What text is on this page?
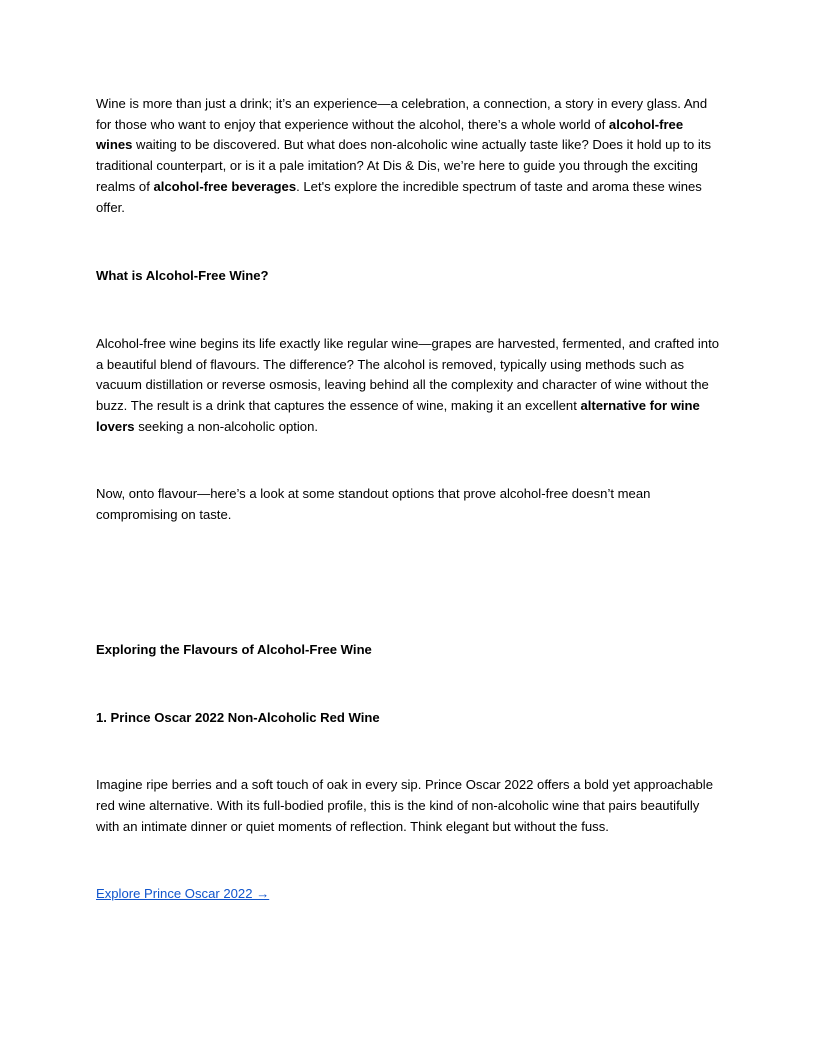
Wine is more than just a drink; it’s an experience—a celebration, a connection, a story in every glass. And for those who want to enjoy that experience without the alcohol, there’s a whole world of alcohol-free wines waiting to be discovered. But what does non-alcoholic wine actually taste like? Does it hold up to its traditional counterpart, or is it a pale imitation? At Dis & Dis, we’re here to guide you through the exciting realms of alcohol-free beverages. Let's explore the incredible spectrum of taste and aroma these wines offer.

What is Alcohol-Free Wine?

Alcohol-free wine begins its life exactly like regular wine—grapes are harvested, fermented, and crafted into a beautiful blend of flavours. The difference? The alcohol is removed, typically using methods such as vacuum distillation or reverse osmosis, leaving behind all the complexity and character of wine without the buzz. The result is a drink that captures the essence of wine, making it an excellent alternative for wine lovers seeking a non-alcoholic option.

Now, onto flavour—here’s a look at some standout options that prove alcohol-free doesn’t mean compromising on taste.

Exploring the Flavours of Alcohol-Free Wine

1. Prince Oscar 2022 Non-Alcoholic Red Wine

Imagine ripe berries and a soft touch of oak in every sip. Prince Oscar 2022 offers a bold yet approachable red wine alternative. With its full-bodied profile, this is the kind of non-alcoholic wine that pairs beautifully with an intimate dinner or quiet moments of reflection. Think elegant but without the fuss.

Explore Prince Oscar 2022 →
